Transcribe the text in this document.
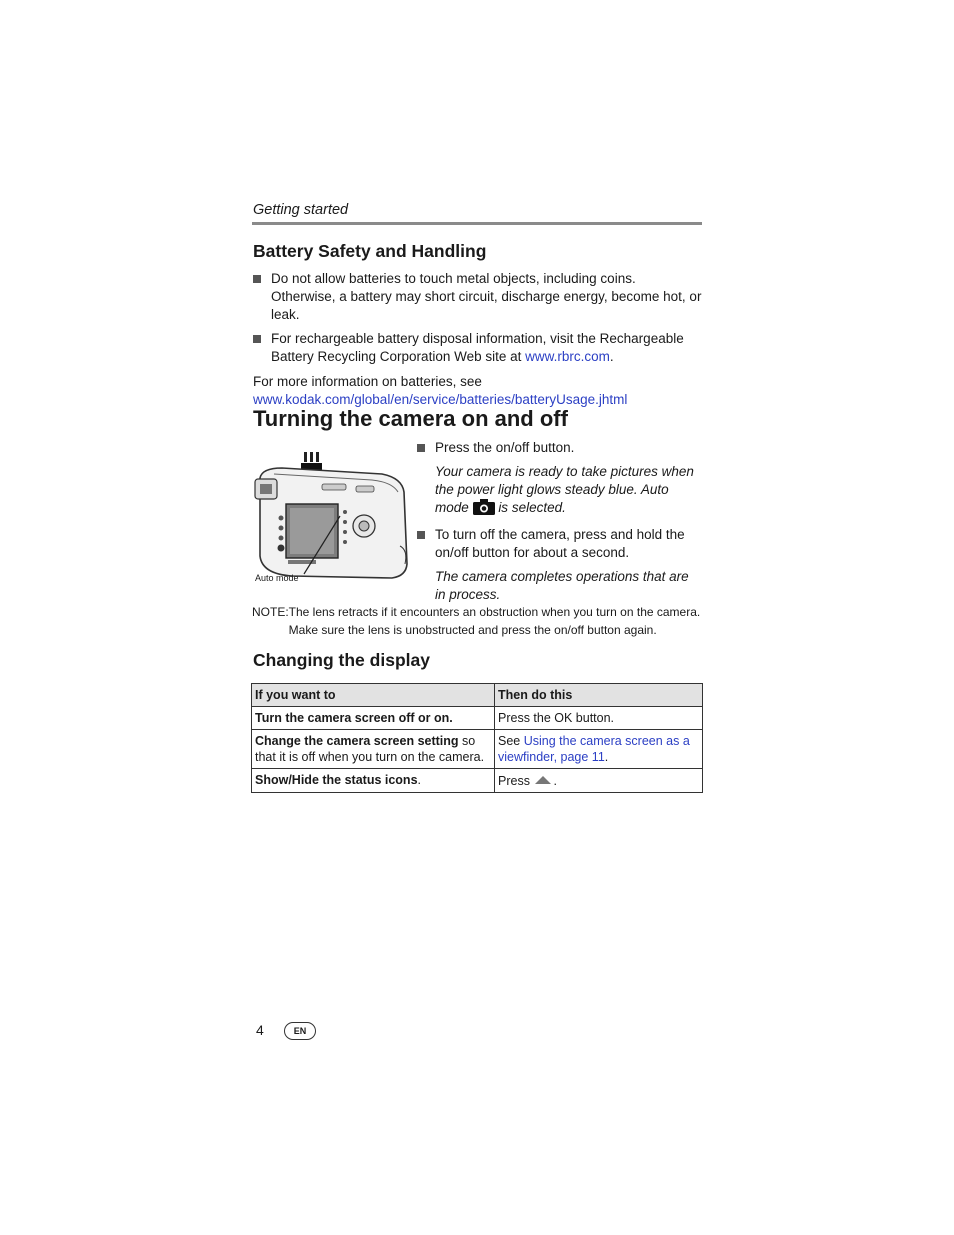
Getting started
Battery Safety and Handling
Do not allow batteries to touch metal objects, including coins. Otherwise, a battery may short circuit, discharge energy, become hot, or leak.
For rechargeable battery disposal information, visit the Rechargeable Battery Recycling Corporation Web site at www.rbrc.com.
For more information on batteries, see
www.kodak.com/global/en/service/batteries/batteryUsage.jhtml
Turning the camera on and off
Auto mode
Press the on/off button.
Your camera is ready to take pictures when the power light glows steady blue. Auto mode is selected.
To turn off the camera, press and hold the on/off button for about a second.
The camera completes operations that are in process.
NOTE: The lens retracts if it encounters an obstruction when you turn on the camera. Make sure the lens is unobstructed and press the on/off button again.
Changing the display
If you want to	Then do this
Turn the camera screen off or on.	Press the OK button.
Change the camera screen setting so that it is off when you turn on the camera.	See Using the camera screen as a viewfinder, page 11.
Show/Hide the status icons.	Press .
4	EN
